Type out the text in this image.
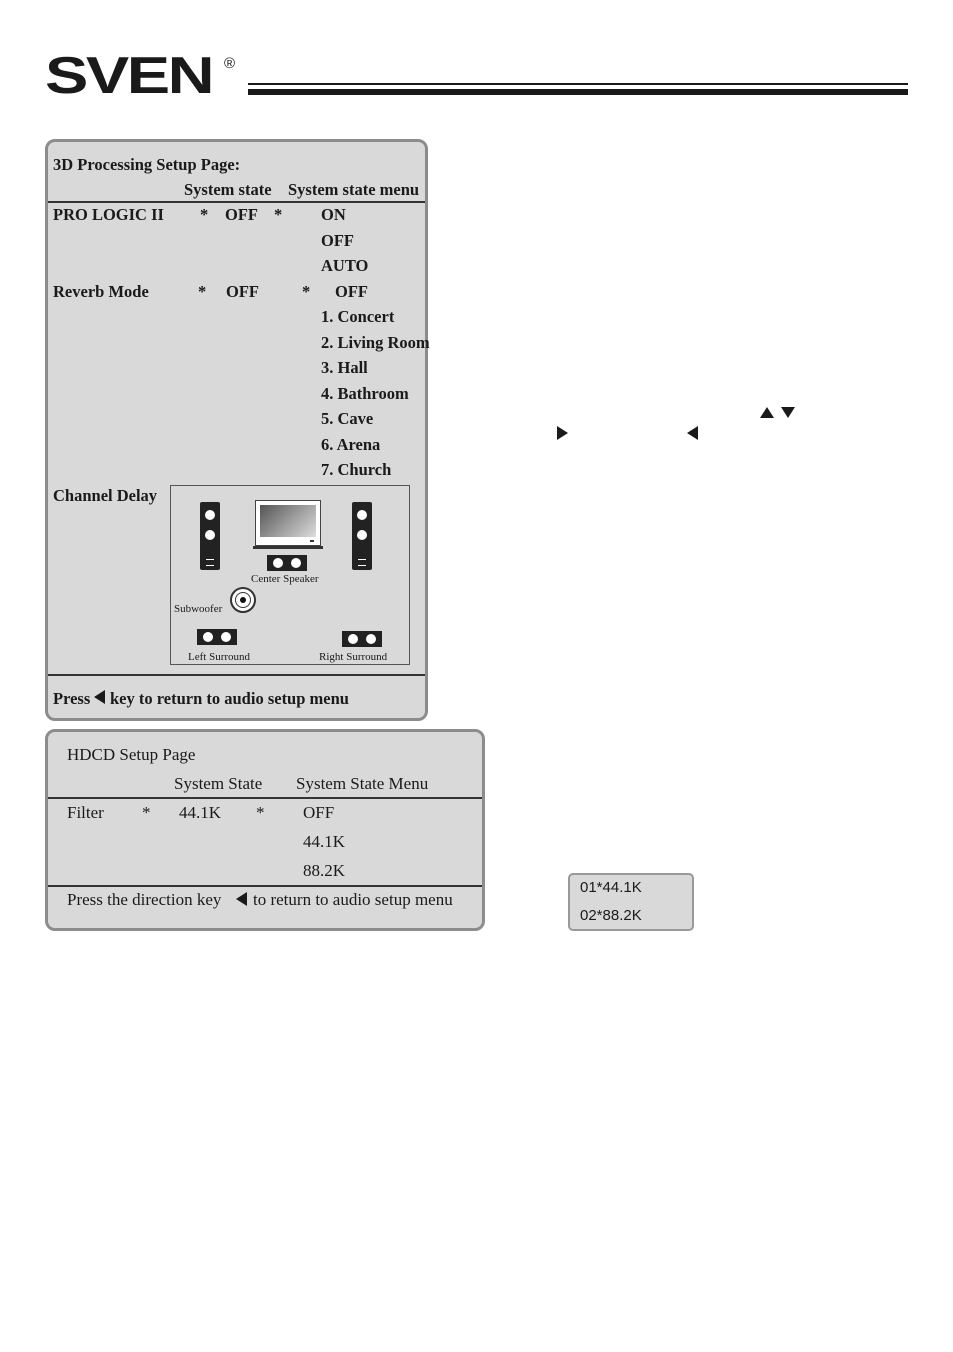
SVEN ®
3D Processing Setup Page:
System state System state menu
PRO LOGIC II * OFF * ON
OFF
AUTO
Reverb Mode	* OFF	* OFF
1. Concert
2. Living Room
3. Hall
4. Bathroom
5. Cave
6. Arena
7. Church
Channel Delay
Center Speaker
Subwoofer
Left Surround	Right Surround
Press key to return to audio setup menu
HDCD Setup Page
System State System State Menu
Filter * 44.1K * OFF
44.1K
88.2K
Press the direction key to return to audio setup menu
01*44.1K
02*88.2K
